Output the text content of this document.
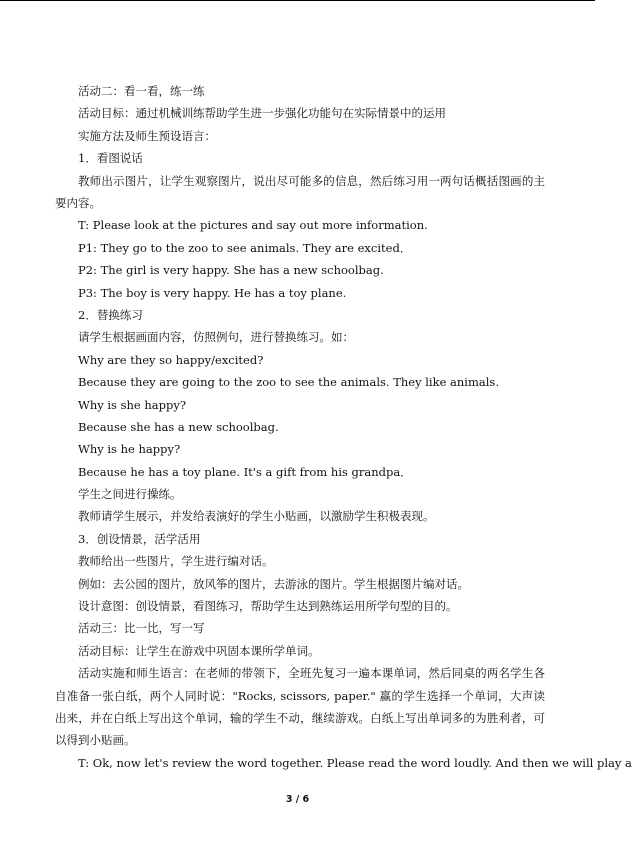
活动二：看一看，练一练
活动目标：通过机械训练帮助学生进一步强化功能句在实际情景中的运用
实施方法及师生预设语言：
1．看图说话
教师出示图片，让学生观察图片，说出尽可能多的信息，然后练习用一两句话概括图画的主要内容。
T: Please look at the pictures and say out more information.
P1: They go to the zoo to see animals. They are excited．
P2: The girl is very happy. She has a new schoolbag.
P3: The boy is very happy. He has a toy plane.
2．替换练习
请学生根据画面内容，仿照例句，进行替换练习。如：
Why are they so happy/excited?
Because they are going to the zoo to see the animals. They like animals.
Why is she happy?
Because she has a new schoolbag.
Why is he happy?
Because he has a toy plane. It's a gift from his grandpa．
学生之间进行操练。
教师请学生展示，并发给表演好的学生小贴画，以激励学生积极表现。
3．创设情景，活学活用
教师给出一些图片，学生进行编对话。
例如：去公园的图片，放风筝的图片，去游泳的图片。学生根据图片编对话。
设计意图：创设情景，看图练习，帮助学生达到熟练运用所学句型的目的。
活动三：比一比，写一写
活动目标：让学生在游戏中巩固本课所学单词。
活动实施和师生语言：在老师的带领下，全班先复习一遍本课单词，然后同桌的两名学生各自准备一张白纸，两个人同时说："Rocks, scissors, paper." 赢的学生选择一个单词，大声读出来，并在白纸上写出这个单词，输的学生不动，继续游戏。白纸上写出单词多的为胜利者，可以得到小贴画。
T: Ok, now let's review the word together. Please read the word loudly. And then we will play a
3 / 6
